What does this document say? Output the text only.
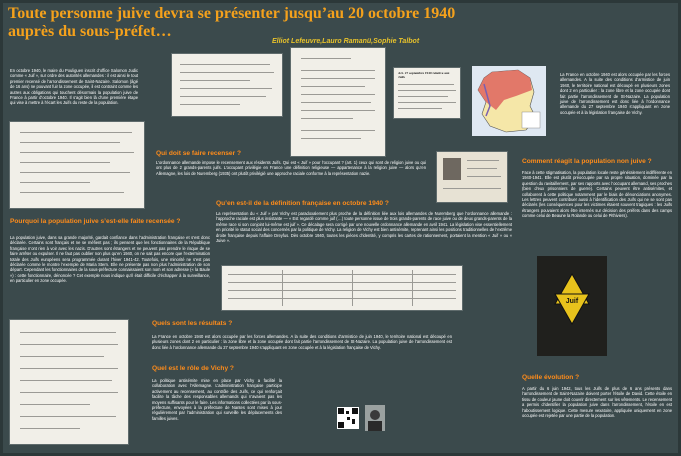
Toute personne juive devra se présenter jusqu’au 20 octobre 1940 auprès du sous-préfet…
Elliot Lefeuvre,Lauro Ramanü,Sophie Talbot
En octobre 1940, le maire du Pouliguen inscrit d’office Salomon Judic comme « Juif », sur ordre des autorités allemandes : il est ainsi le tout premier recensé de l’arrondissement de Saint-Nazaire. Salomon (âgé de 16 ans) ne pouvant fuir la zone occupée, il est contraint comme les autres aux obligations qui touchent désormais la population juive de France à partir d’octobre 1940. Il s’agit bien là d’une première étape qui vise à mettre à l’écart les Juifs du reste de la population.
Art. 27 septembre 1940 relative aux Juifs	La France en octobre 1940 est alors occupée par les forces allemandes. A la suite des conditions d’armistice de juin 1940, le territoire national est découpé en plusieurs zones dont 2 en particulier : la zone libre et la zone occupée dont fait partie l’arrondissement de St-Nazaire. La population juive de l’arrondissement est donc liée à l’ordonnance allemande du 27 septembre 1940 s’appliquant en zone occupée et à la législation française de Vichy.
Qui doit se faire recenser ?
L’ordonnance allemande impose le recensement aux résidents Juifs. Qui est « Juif » pour l’occupant ? (art. 1) ceux qui sont de religion juive ou qui ont plus de 2 grands-parents juifs. L’occupant privilégie en France une définition religieuse — appartenance à la religion juive — alors qu’en Allemagne, les lois de Nuremberg (1935) ont plutôt privilégié une approche raciale conforme à la représentation nazie.
Comment réagit la population non juive ?
Face à cette stigmatisation, la population locale reste généralement indifférente en 1940-1941. Elle est plutôt préoccupée par sa propre situation, dominée par la question du ravitaillement, par ses rapports avec l’occupant allemand, ses proches (bien d’eux prisonniers de guerre). Certains peuvent être antisémites, et collaborent à cette politique notamment par le biais de dénonciations anonymes. Les lettres peuvent contribuer aussi à l’identification des Juifs qui ne se sont pas déclarés (les conséquences pour les victimes étaient souvent tragiques : les Juifs étrangers pouvaient alors être internés sur décision des préfets dans des camps comme celui de Beaune la Rolande ou celui de Pithiviers).
Qu’en est-il de la définition française en octobre 1940 ?
La représentation du « Juif » par Vichy est paradoxalement plus proche de la définition liée aux lois allemandes de Nuremberg que l’ordonnance allemande : l’approche raciale est plus insistante — « Est regardé comme juif (…) toute personne issue de trois grands-parents de race juive ou de deux grands-parents de la même race si son conjoint lui-même est juif ». Ce décalage sera corrigé par une nouvelle ordonnance allemande en avril 1941. La législation vise essentiellement en priorité le statut social des concernés par la politique de Vichy. La religion de Vichy est bien antisémite, reprenant ainsi les positions traditionnelles de l’extrême droite française depuis l’affaire Dreyfus. Dès octobre 1940, toutes les pièces d’identité, y compris les cartes de rationnement, portaient la mention « Juif » ou « Juive ».
Pourquoi la population juive s’est-elle faite recensée ?
La population juive, dans sa grande majorité, gardait confiance dans l’administration française et s’est donc déclarée. Certains sont français et ne se méfient pas ; ils pensent que les fonctionnaires de la République française n’ont rien à voir avec les nazis. D’autres sont étrangers et ne peuvent pas prendre le risque de se faire arrêter ou expulser. Il ne faut pas oublier non plus qu’en 1940, on ne sait pas encore que l’extermination totale des Juifs européens sera programmée durant l’hiver 1941-42. Toutefois, une minorité ne s’est pas déclarée comme le montre l’exemple de Maria Stern. Elle ne présente pas non plus l’administration de son départ. Cependant les fonctionnaires de la sous-préfecture connaissaient son nom et son adresse (« la Baule ») : cette fonctionnaire, dénoncée ? Cet exemple nous indique qu’il était difficile d’échapper à la surveillance, en particulier en zone occupée.
Juif
Quels sont les résultats ?
La France en octobre 1940 est alors occupée par les forces allemandes. A la suite des conditions d’armistice de juin 1940, le territoire national est découpé en plusieurs zones dont 2 en particulier : la zone libre et la zone occupée dont fait partie l’arrondissement de St-Nazaire. La population juive de l’arrondissement est donc liée à l’ordonnance allemande du 27 septembre 1940 s’appliquant en zone occupée et à la législation française de Vichy.
Quel est le rôle de Vichy ?
La politique antisémite mise en place par Vichy a facilité la collaboration avec l’Allemagne. L’administration française participe activement au recensement, au contrôle des Juifs, ce qui renforçait facilite la tâche des responsables allemands qui n’avaient pas les moyens suffisants pour le faire. Les informations collectées par la sous-préfecture, envoyées à la préfecture de Nantes sont mises à jour régulièrement par l’administration qui surveille les déplacements des familles juives.
Quelle évolution ?
A partir du 6 juin 1942, tous les Juifs de plus de 6 ans présents dans l’arrondissement de Saint-Nazaire doivent porter l’étoile de David. Cette étoile en tissu de couleur jaune doit couvrir directement sur les vêtements. Le recensement a permis d’identifier la population juive dans l’arrondissement, l’étoile en est l’aboutissement logique. Cette mesure vexatoire, appliquée uniquement en zone occupée est rejetée par une partie de la population.
